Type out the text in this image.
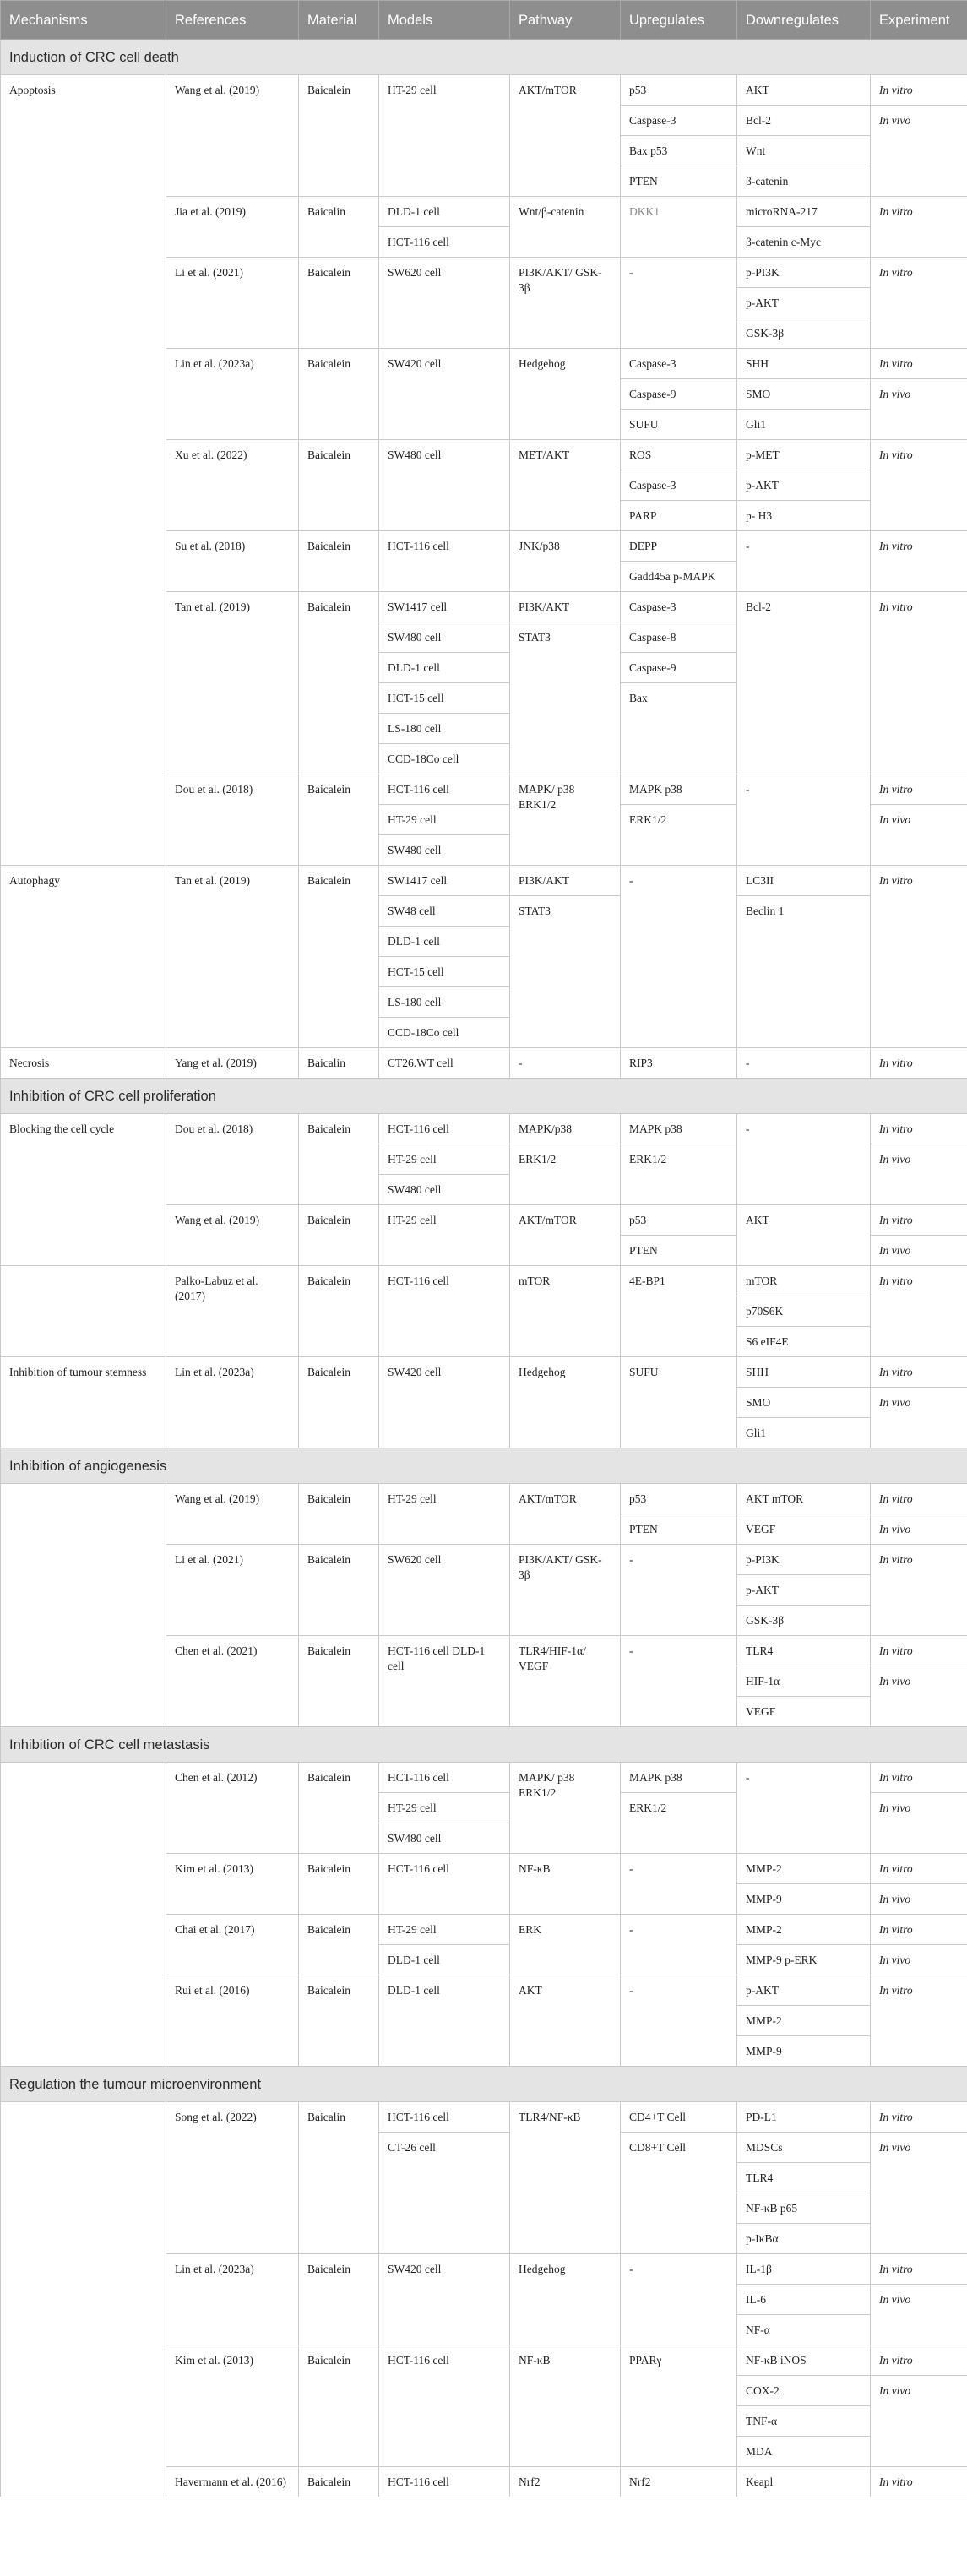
Mechanisms	References	Material	Models	Pathway	Upregulates	Downregulates	Experiment
Induction of CRC cell death							
Apoptosis	Wang et al. (2019)	Baicalein	HT-29 cell	AKT/mTOR	p53	AKT	In vitro
					Caspase-3	Bcl-2	In vivo
					Bax p53	Wnt	
					PTEN	β-catenin	
	Jia et al. (2019)	Baicalin	DLD-1 cell	Wnt/β-catenin	DKK1	microRNA-217	In vitro
			HCT-116 cell			β-catenin c-Myc	
	Li et al. (2021)	Baicalein	SW620 cell	PI3K/AKT/ GSK-3β	-	p-PI3K	In vitro
						p-AKT	
						GSK-3β	
	Lin et al. (2023a)	Baicalein	SW420 cell	Hedgehog	Caspase-3	SHH	In vitro
					Caspase-9	SMO	In vivo
					SUFU	Gli1	
	Xu et al. (2022)	Baicalein	SW480 cell	MET/AKT	ROS	p-MET	In vitro
					Caspase-3	p-AKT	
					PARP	p- H3	
	Su et al. (2018)	Baicalein	HCT-116 cell	JNK/p38	DEPP	-	In vitro
					Gadd45a p-MAPK		
	Tan et al. (2019)	Baicalein	SW1417 cell	PI3K/AKT	Caspase-3	Bcl-2	In vitro
			SW480 cell	STAT3	Caspase-8		
			DLD-1 cell		Caspase-9		
			HCT-15 cell		Bax		
			LS-180 cell				
			CCD-18Co cell				
	Dou et al. (2018)	Baicalein	HCT-116 cell	MAPK/ p38 ERK1/2	MAPK p38	-	In vitro
			HT-29 cell		ERK1/2		In vivo
			SW480 cell				
Autophagy	Tan et al. (2019)	Baicalein	SW1417 cell	PI3K/AKT	-	LC3II	In vitro
			SW48 cell	STAT3		Beclin 1	
			DLD-1 cell				
			HCT-15 cell				
			LS-180 cell				
			CCD-18Co cell				
Necrosis	Yang et al. (2019)	Baicalin	CT26.WT cell	-	RIP3	-	In vitro
Inhibition of CRC cell proliferation							
Blocking the cell cycle	Dou et al. (2018)	Baicalein	HCT-116 cell	MAPK/p38	MAPK p38	-	In vitro
			HT-29 cell	ERK1/2	ERK1/2		In vivo
			SW480 cell				
	Wang et al. (2019)	Baicalein	HT-29 cell	AKT/mTOR	p53	AKT	In vitro
					PTEN		In vivo
	Palko-Labuz et al. (2017)	Baicalein	HCT-116 cell	mTOR	4E-BP1	mTOR	In vitro
						p70S6K	
						S6 eIF4E	
Inhibition of tumour stemness	Lin et al. (2023a)	Baicalein	SW420 cell	Hedgehog	SUFU	SHH	In vitro
						SMO	In vivo
						Gli1	
Inhibition of angiogenesis							
	Wang et al. (2019)	Baicalein	HT-29 cell	AKT/mTOR	p53	AKT mTOR	In vitro
					PTEN	VEGF	In vivo
	Li et al. (2021)	Baicalein	SW620 cell	PI3K/AKT/ GSK-3β	-	p-PI3K	In vitro
						p-AKT	
						GSK-3β	
	Chen et al. (2021)	Baicalein	HCT-116 cell DLD-1 cell	TLR4/HIF-1α/ VEGF	-	TLR4	In vitro
						HIF-1α	In vivo
						VEGF	
Inhibition of CRC cell metastasis							
	Chen et al. (2012)	Baicalein	HCT-116 cell	MAPK/ p38 ERK1/2	MAPK p38	-	In vitro
			HT-29 cell		ERK1/2		In vivo
			SW480 cell				
	Kim et al. (2013)	Baicalein	HCT-116 cell	NF-κB	-	MMP-2	In vitro
						MMP-9	In vivo
	Chai et al. (2017)	Baicalein	HT-29 cell	ERK	-	MMP-2	In vitro
			DLD-1 cell			MMP-9 p-ERK	In vivo
	Rui et al. (2016)	Baicalein	DLD-1 cell	AKT	-	p-AKT	In vitro
						MMP-2	
						MMP-9	
Regulation the tumour microenvironment							
	Song et al. (2022)	Baicalin	HCT-116 cell	TLR4/NF-κB	CD4+T Cell	PD-L1	In vitro
			CT-26 cell		CD8+T Cell	MDSCs	In vivo
						TLR4	
						NF-κB p65	
						p-IκBα	
	Lin et al. (2023a)	Baicalein	SW420 cell	Hedgehog	-	IL-1β	In vitro
						IL-6	In vivo
						NF-α	
	Kim et al. (2013)	Baicalein	HCT-116 cell	NF-κB	PPARγ	NF-κB iNOS	In vitro
						COX-2	In vivo
						TNF-α	
						MDA	
	Havermann et al. (2016)	Baicalein	HCT-116 cell	Nrf2	Nrf2	Keapl	In vitro
